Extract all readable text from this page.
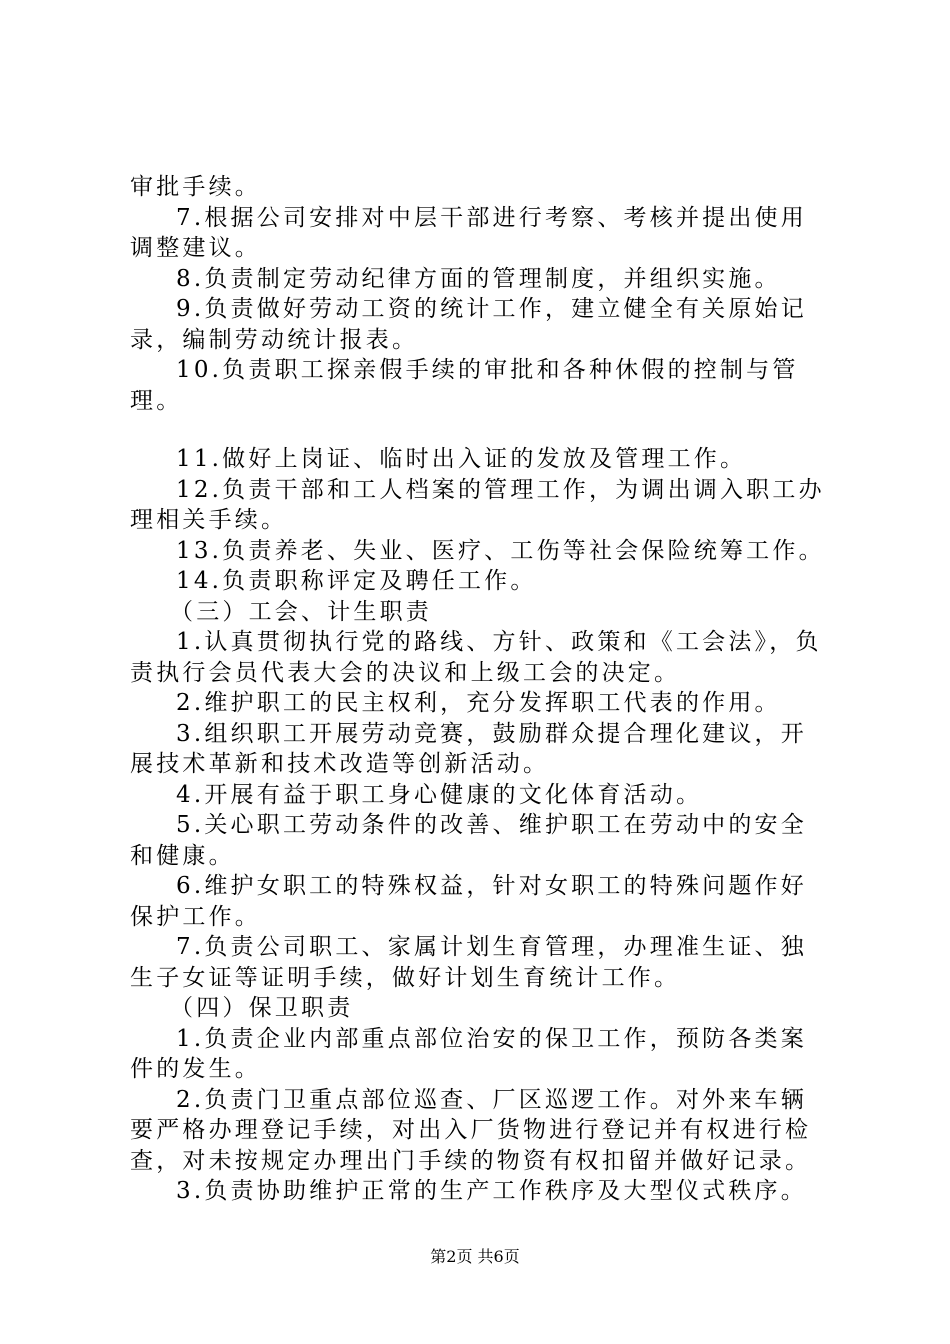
审批手续。

7.根据公司安排对中层干部进行考察、考核并提出使用调整建议。

8.负责制定劳动纪律方面的管理制度，并组织实施。

9.负责做好劳动工资的统计工作，建立健全有关原始记录，编制劳动统计报表。

10.负责职工探亲假手续的审批和各种休假的控制与管理。

11.做好上岗证、临时出入证的发放及管理工作。

12.负责干部和工人档案的管理工作，为调出调入职工办理相关手续。

13.负责养老、失业、医疗、工伤等社会保险统筹工作。

14.负责职称评定及聘任工作。

（三）工会、计生职责

1.认真贯彻执行党的路线、方针、政策和《工会法》，负责执行会员代表大会的决议和上级工会的决定。

2.维护职工的民主权利，充分发挥职工代表的作用。

3.组织职工开展劳动竞赛，鼓励群众提合理化建议，开展技术革新和技术改造等创新活动。

4.开展有益于职工身心健康的文化体育活动。

5.关心职工劳动条件的改善、维护职工在劳动中的安全和健康。

6.维护女职工的特殊权益，针对女职工的特殊问题作好保护工作。

7.负责公司职工、家属计划生育管理，办理准生证、独生子女证等证明手续，做好计划生育统计工作。

（四）保卫职责

1.负责企业内部重点部位治安的保卫工作，预防各类案件的发生。

2.负责门卫重点部位巡查、厂区巡逻工作。对外来车辆要严格办理登记手续，对出入厂货物进行登记并有权进行检查，对未按规定办理出门手续的物资有权扣留并做好记录。

3.负责协助维护正常的生产工作秩序及大型仪式秩序。

第2页 共6页
